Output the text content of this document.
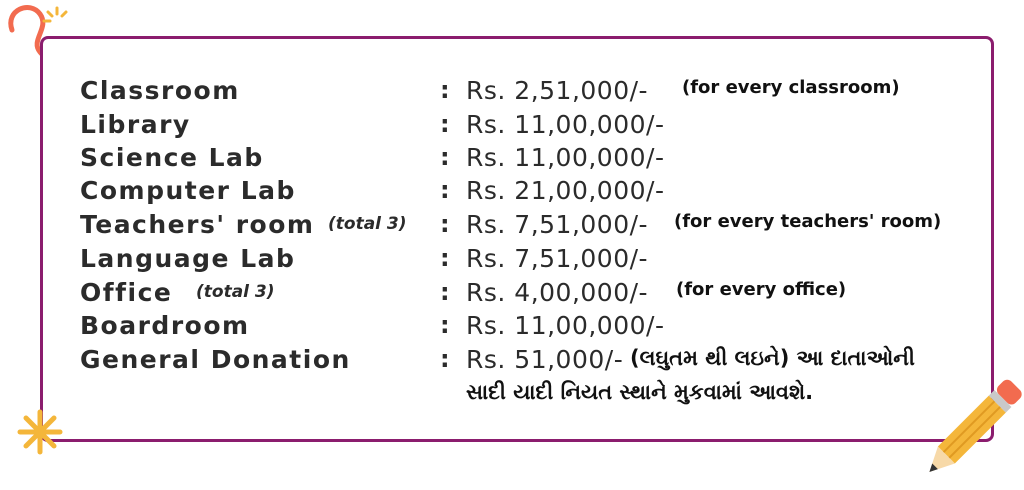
Classroom	: Rs. 2,51,000/- (for every classroom)
Library	: Rs. 11,00,000/-
Science Lab	: Rs. 11,00,000/-
Computer Lab	: Rs. 21,00,000/-
Teachers' room (total 3) : Rs. 7,51,000/- (for every teachers' room)
Language Lab	: Rs. 7,51,000/-
Office (total 3)	: Rs. 4,00,000/- (for every office)
Boardroom	: Rs. 11,00,000/-
General Donation	: Rs. 51,000/- (લઘુતમ થી લઇને) આ દાતાઓની
સાદી યાદી નિયત સ્થાને મુકવામાં આવશે.
